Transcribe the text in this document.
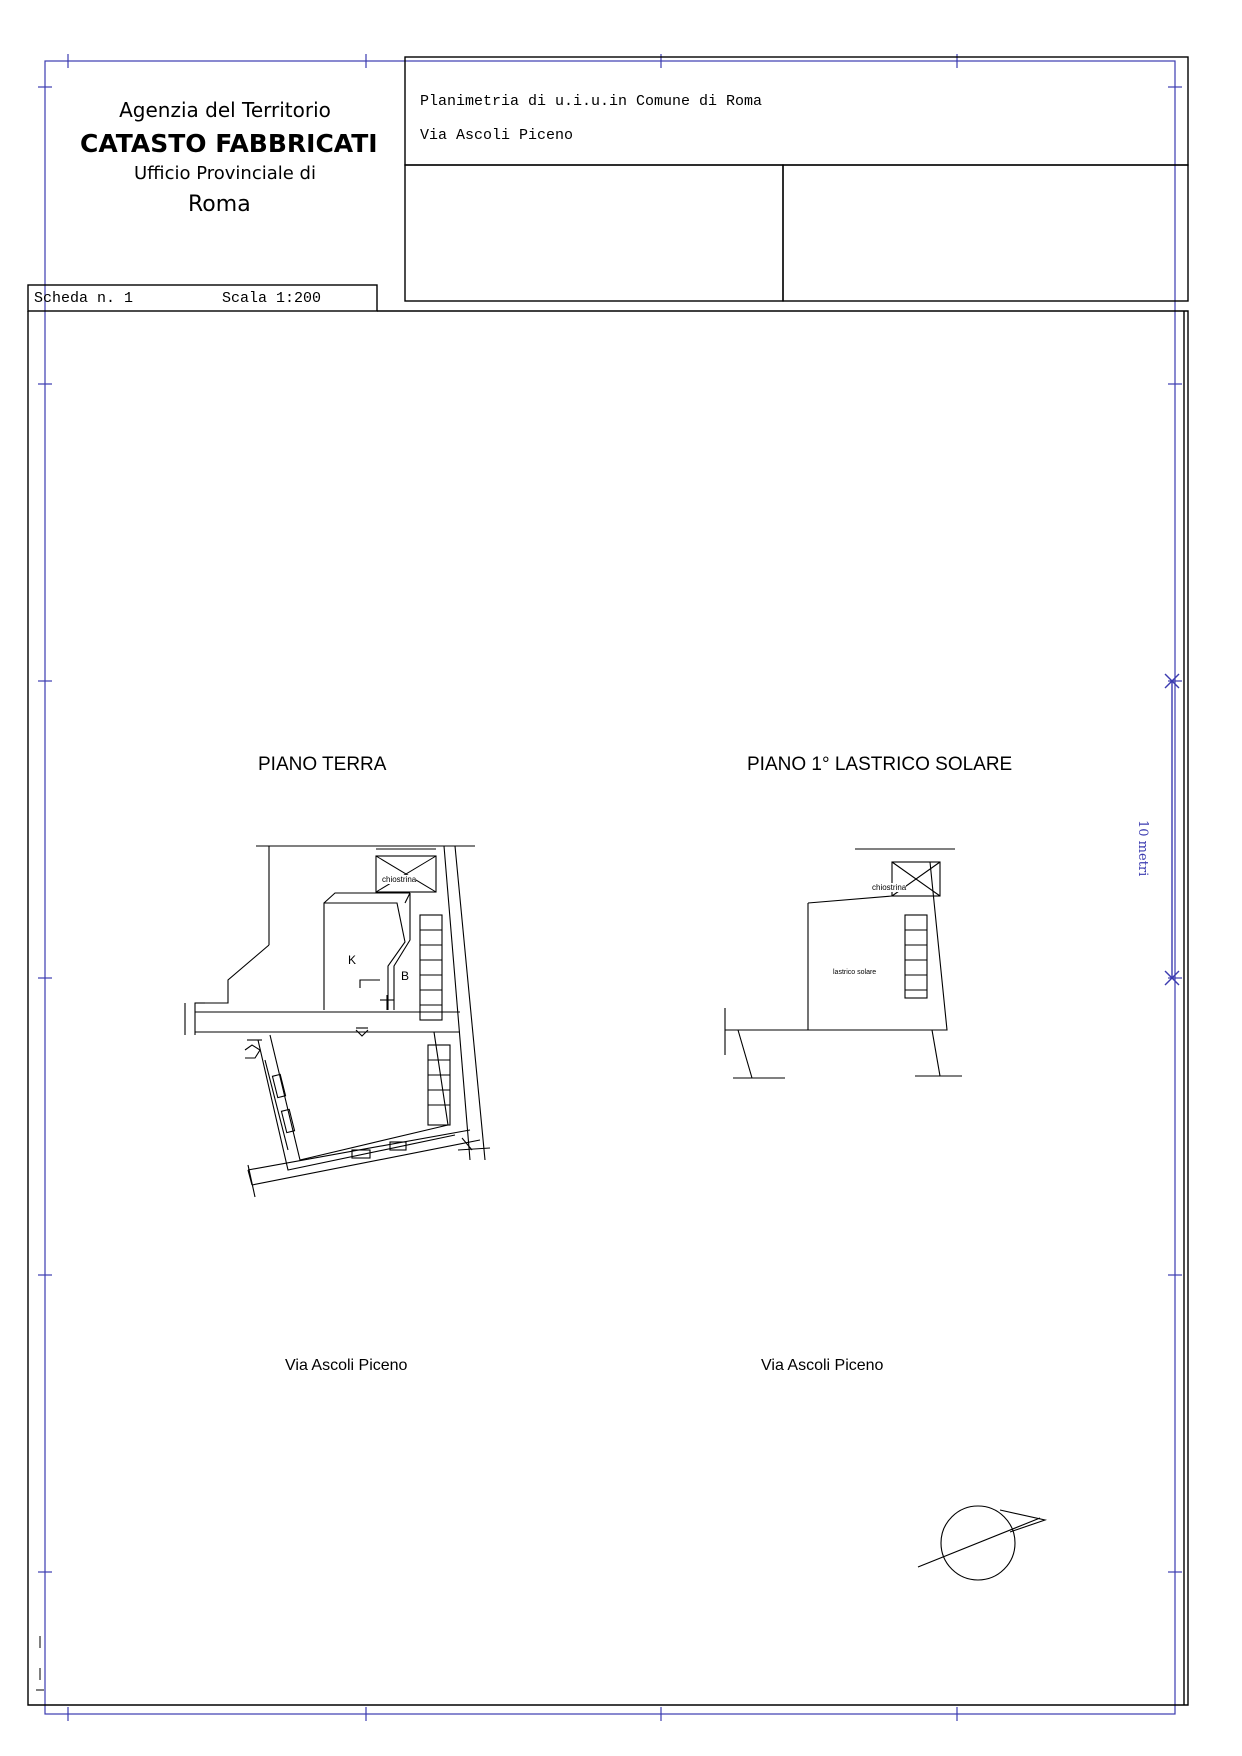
Agenzia del Territorio
CATASTO FABBRICATI
Ufficio Provinciale di
Roma
Planimetria di u.i.u.in Comune di Roma
Via Ascoli Piceno
Scheda n. 1	Scala 1:200
PIANO TERRA	PIANO 1° LASTRICO SOLARE
K
B
chiostrina
chiostrina
lastrico solare
Via Ascoli Piceno	Via Ascoli Piceno
10 metri
